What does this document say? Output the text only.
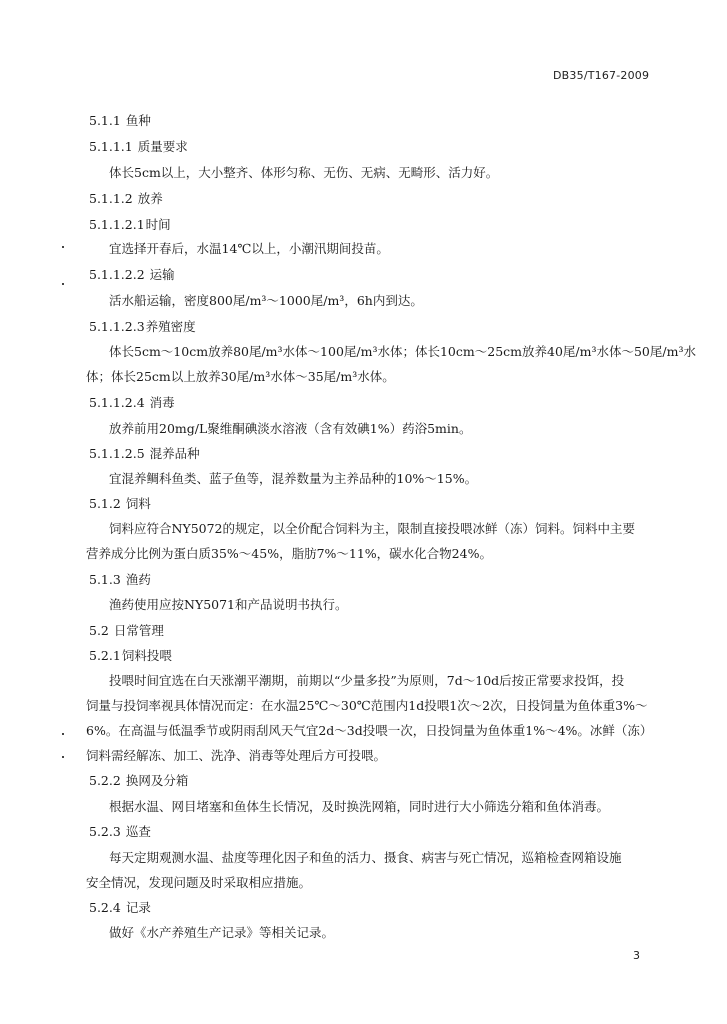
DB35/T167-2009
5.1.1 鱼种
5.1.1.1 质量要求
体长5cm以上，大小整齐、体形匀称、无伤、无病、无畸形、活力好。
5.1.1.2 放养
5.1.1.2.1时间
宜选择开春后，水温14℃以上，小潮汛期间投苗。
5.1.1.2.2 运输
活水船运输，密度800尾/m³～1000尾/m³，6h内到达。
5.1.1.2.3养殖密度
体长5cm～10cm放养80尾/m³水体～100尾/m³水体；体长10cm～25cm放养40尾/m³水体～50尾/m³水
体；体长25cm以上放养30尾/m³水体～35尾/m³水体。
5.1.1.2.4 消毒
放养前用20mg/L聚维酮碘淡水溶液（含有效碘1%）药浴5min。
5.1.1.2.5 混养品种
宜混养鲷科鱼类、蓝子鱼等，混养数量为主养品种的10%～15%。
5.1.2 饲料
饲料应符合NY5072的规定，以全价配合饲料为主，限制直接投喂冰鲜（冻）饲料。饲料中主要
营养成分比例为蛋白质35%～45%，脂肪7%～11%，碳水化合物24%。
5.1.3 渔药
渔药使用应按NY5071和产品说明书执行。
5.2 日常管理
5.2.1饲料投喂
投喂时间宜选在白天涨潮平潮期，前期以“少量多投”为原则，7d～10d后按正常要求投饵，投
饲量与投饲率视具体情况而定：在水温25℃～30℃范围内1d投喂1次～2次，日投饲量为鱼体重3%～
6%。在高温与低温季节或阴雨刮风天气宜2d～3d投喂一次，日投饲量为鱼体重1%～4%。冰鲜（冻）
饲料需经解冻、加工、洗净、消毒等处理后方可投喂。
5.2.2 换网及分箱
根据水温、网目堵塞和鱼体生长情况，及时换洗网箱，同时进行大小筛选分箱和鱼体消毒。
5.2.3 巡查
每天定期观测水温、盐度等理化因子和鱼的活力、摄食、病害与死亡情况，巡箱检查网箱设施
安全情况，发现问题及时采取相应措施。
5.2.4 记录
做好《水产养殖生产记录》等相关记录。
3
